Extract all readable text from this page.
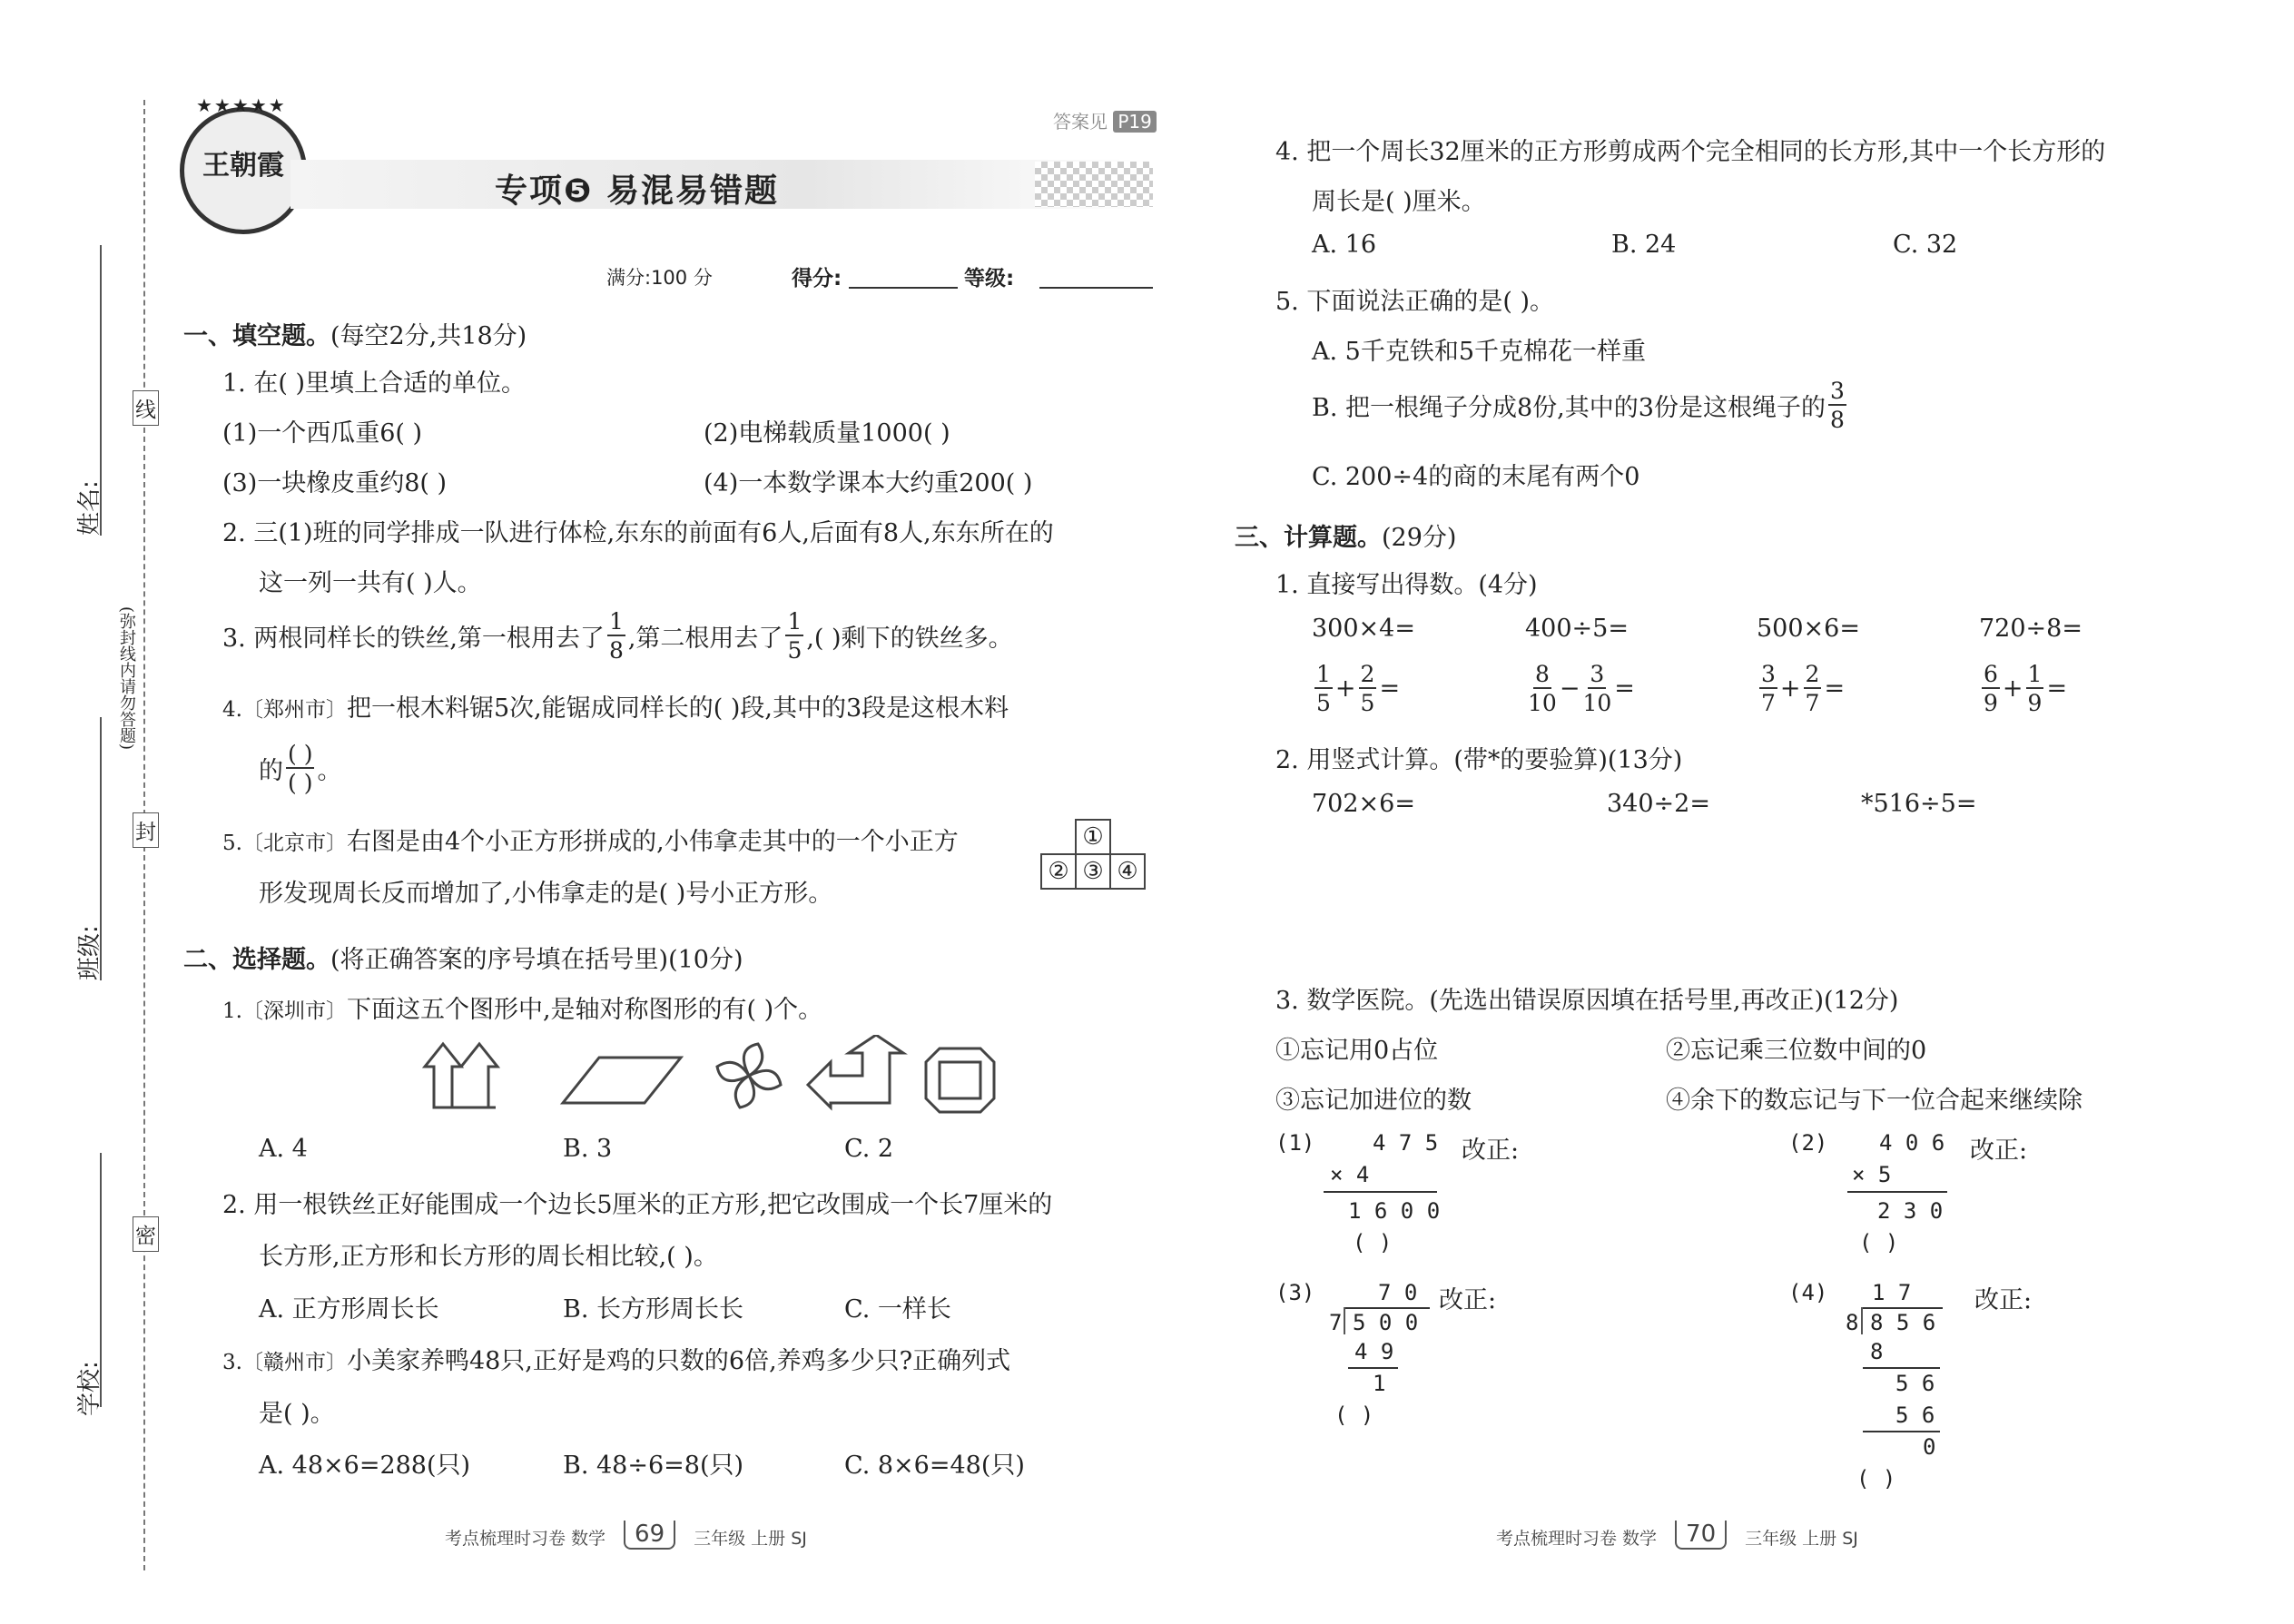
姓名:
班级:
学校:
线
封
密
(弥封线内请勿答题)
王朝霞
★★★★★
答案见 P19
专项❺ 易混易错题
满分:100 分	得分:	等级:
一、填空题。(每空2分,共18分)
1. 在( )里填上合适的单位。
(1)一个西瓜重6( )	(2)电梯载质量1000( )
(3)一块橡皮重约8( )	(4)一本数学课本大约重200( )
2. 三(1)班的同学排成一队进行体检,东东的前面有6人,后面有8人,东东所在的
这一列一共有( )人。
3. 两根同样长的铁丝,第一根用去了 $\frac{1}{8}$ ,第二根用去了 $\frac{1}{5}$ ,( )剩下的铁丝多。
4.〔郑州市〕把一根木料锯5次,能锯成同样长的( )段,其中的3段是这根木料
的 $\frac{( )}{( )}$ 。
5.〔北京市〕右图是由4个小正方形拼成的,小伟拿走其中的一个小正方
形发现周长反而增加了,小伟拿走的是( )号小正方形。
①
② ③ ④
二、选择题。(将正确答案的序号填在括号里)(10分)
1.〔深圳市〕下面这五个图形中,是轴对称图形的有( )个。
A. 4	B. 3	C. 2
2. 用一根铁丝正好能围成一个边长5厘米的正方形,把它改围成一个长7厘米的
长方形,正方形和长方形的周长相比较,( )。
A. 正方形周长长	B. 长方形周长长	C. 一样长
3.〔赣州市〕小美家养鸭48只,正好是鸡的只数的6倍,养鸡多少只?正确列式
是( )。
A. 48×6=288(只)	B. 48÷6=8(只)	C. 8×6=48(只)
考点梳理时习卷 数学	69	三年级 上册 SJ
4. 把一个周长32厘米的正方形剪成两个完全相同的长方形,其中一个长方形的
周长是( )厘米。
A. 16	B. 24	C. 32
5. 下面说法正确的是( )。
A. 5千克铁和5千克棉花一样重
B. 把一根绳子分成8份,其中的3份是这根绳子的 $\frac{3}{8}$
C. 200÷4的商的末尾有两个0
三、计算题。(29分)
1. 直接写出得数。(4分)
300×4=	400÷5=	500×6=	720÷8=
$\frac{1}{5} + \frac{2}{5}$ =	$\frac{8}{10} - \frac{3}{10}$ =	$\frac{3}{7} + \frac{2}{7}$ =	$\frac{6}{9} + \frac{1}{9}$ =
2. 用竖式计算。(带*的要验算)(13分)
702×6=	340÷2=	*516÷5=
3. 数学医院。(先选出错误原因填在括号里,再改正)(12分)
①忘记用0占位	②忘记乘三位数中间的0
③忘记加进位的数	④余下的数忘记与下一位合起来继续除
(1)	4 7 5
× 4
1 6 0 0
( )
改正:	(2) 4 0 6
× 5
2 3 0
( )
改正:
(3)	7 0
7 5 0 0
4 9
1
( )
改正:	(4) 1 7
8 8 5 6
8
5 6
5 6
0
( )
改正:
考点梳理时习卷 数学	70	三年级 上册 SJ
